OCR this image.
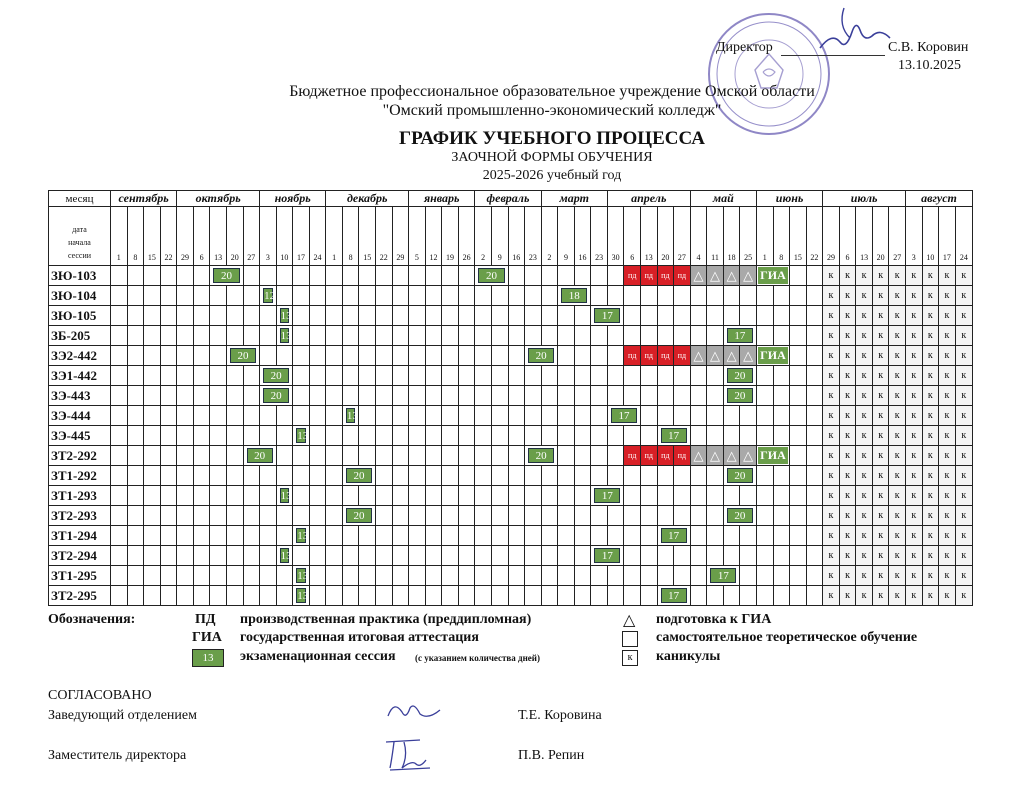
Директор	С.В. Коровин
13.10.2025
Бюджетное профессиональное образовательное учреждение Омской области
"Омский промышленно-экономический колледж"
ГРАФИК УЧЕБНОГО ПРОЦЕССА
ЗАОЧНОЙ ФОРМЫ ОБУЧЕНИЯ
2025-2026 учебный год
месяц	сентябрь				октябрь					ноябрь				декабрь					январь				февраль				март				апрель					май				июнь				июль					август			

дата
начала
сессии	1	8	15	22	29	6	13	20	27	3	10	17	24	1	8	15	22	29	5	12	19	26	2	9	16	23	2	9	16	23	30	6	13	20	27	4	11	18	25	1	8	15	22	29	6	13	20	27	3	10	17	24
ЗЮ-103							20																20									пд	пд	пд	пд	△	△	△	△	ГИА				к	к	к	к	к	к	к	к	к
ЗЮ-104										12																		18																к	к	к	к	к	к	к	к	к
ЗЮ-105											13																			17														к	к	к	к	к	к	к	к	к
ЗБ-205											13																											17						к	к	к	к	к	к	к	к	к
ЗЭ2-442								20																		20						пд	пд	пд	пд	△	△	△	△	ГИА				к	к	к	к	к	к	к	к	к
ЗЭ1-442										20																												20						к	к	к	к	к	к	к	к	к
ЗЭ-443										20																												20						к	к	к	к	к	к	к	к	к
ЗЭ-444															13																17													к	к	к	к	к	к	к	к	к
ЗЭ-445												13																						17										к	к	к	к	к	к	к	к	к
ЗТ2-292									20																	20						пд	пд	пд	пд	△	△	△	△	ГИА				к	к	к	к	к	к	к	к	к
ЗТ1-292															20																							20						к	к	к	к	к	к	к	к	к
ЗТ1-293											13																			17														к	к	к	к	к	к	к	к	к
ЗТ2-293															20																							20						к	к	к	к	к	к	к	к	к
ЗТ1-294												13																						17										к	к	к	к	к	к	к	к	к
ЗТ2-294											13																			17														к	к	к	к	к	к	к	к	к
ЗТ1-295												13																									17							к	к	к	к	к	к	к	к	к
ЗТ2-295												13																						17										к	к	к	к	к	к	к	к	к
Обозначения:	ПД производственная практика (преддипломная)
ГИА государственная итоговая аттестация
13	экзаменационная сессия (с указанием количества дней)
△ подготовка к ГИА
самостоятельное теоретическое обучение
к	каникулы
СОГЛАСОВАНО
Заведующий отделением	Т.Е. Коровина
Заместитель директора	П.В. Репин
